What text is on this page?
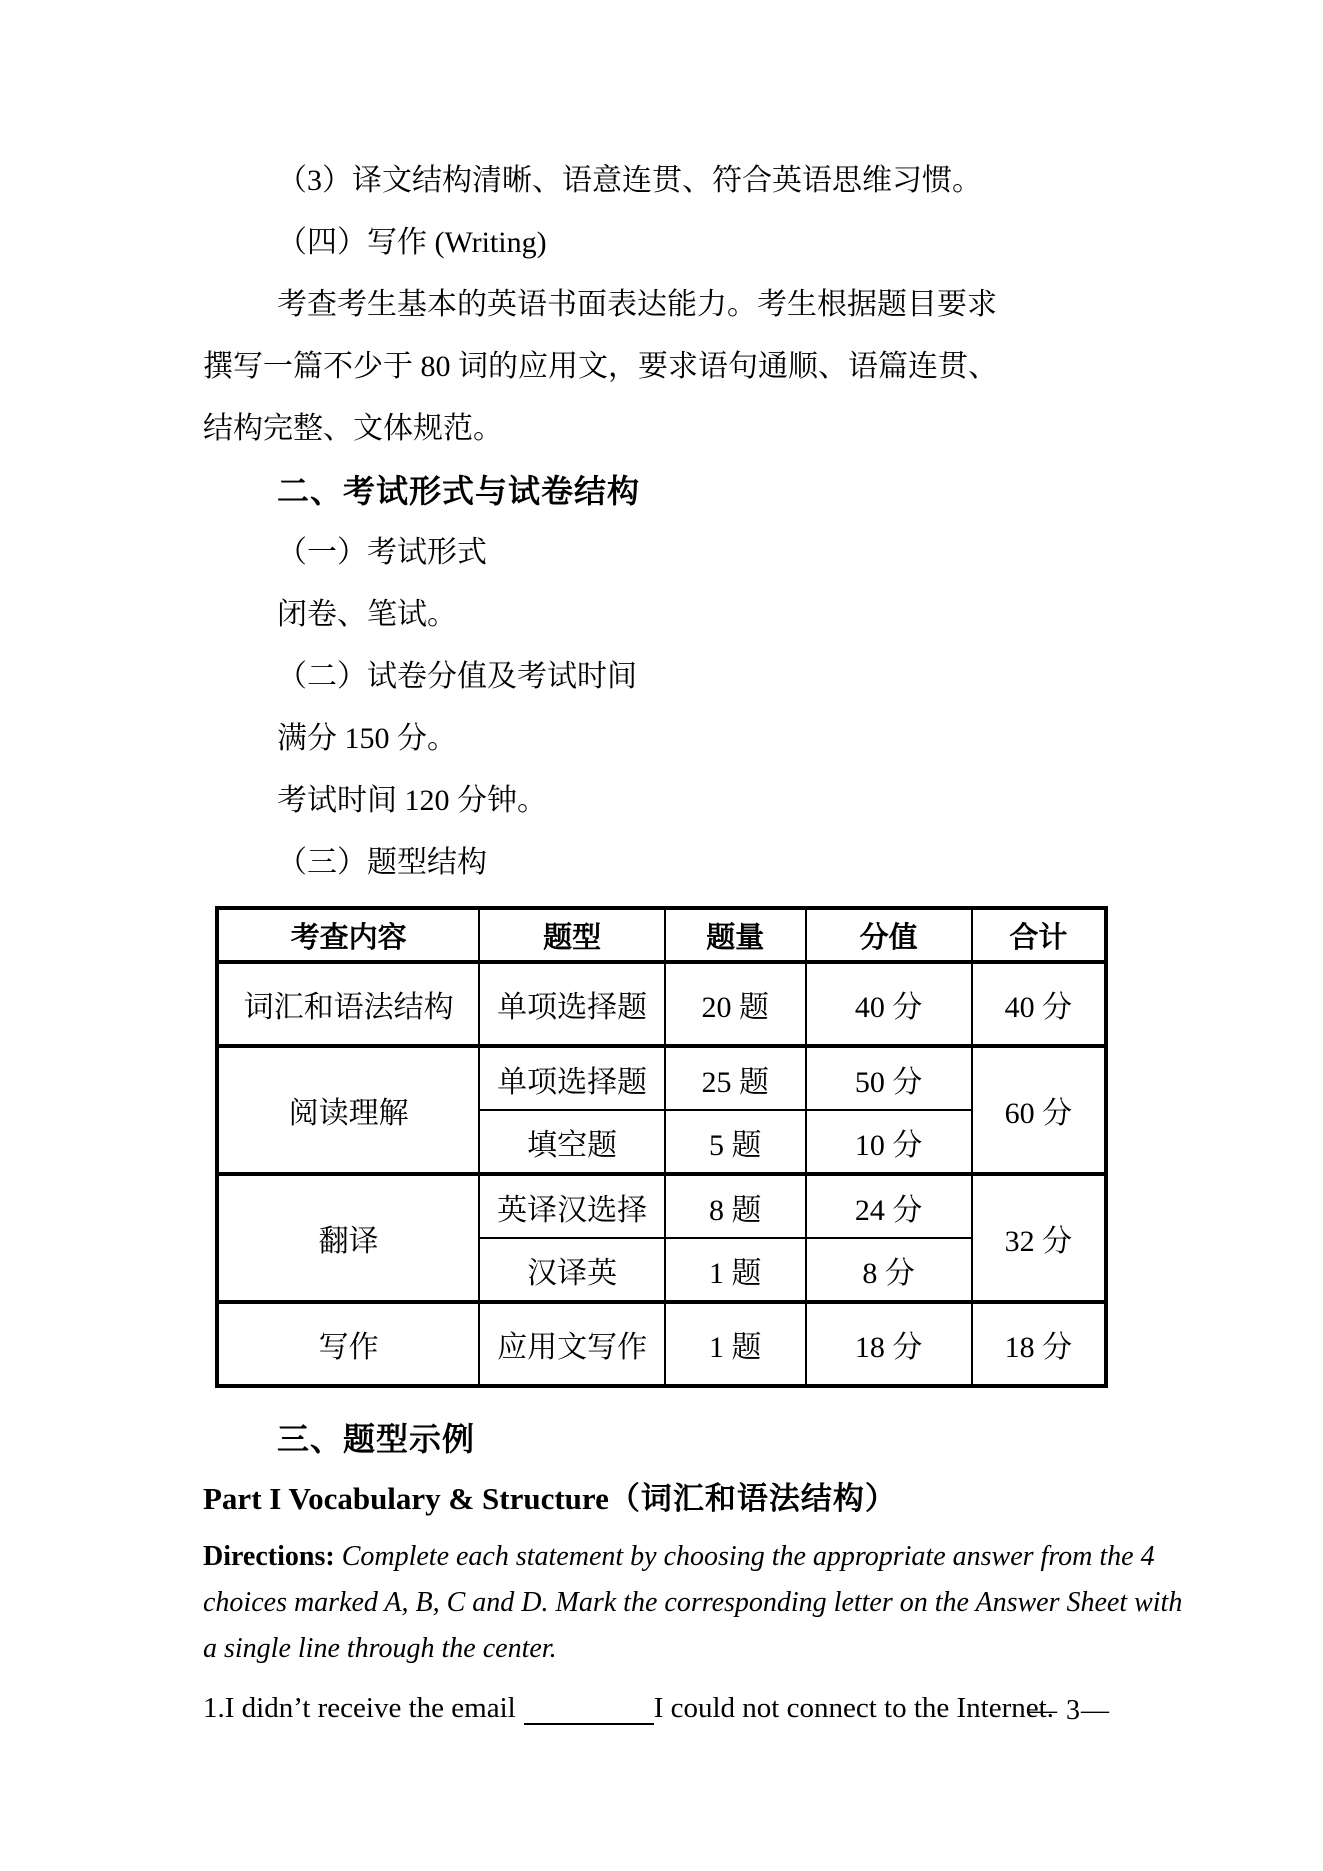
（3）译文结构清晰、语意连贯、符合英语思维习惯。
（四）写作 (Writing)
考查考生基本的英语书面表达能力。考生根据题目要求
撰写一篇不少于 80 词的应用文，要求语句通顺、语篇连贯、
结构完整、文体规范。
二、考试形式与试卷结构
（一）考试形式
闭卷、笔试。
（二）试卷分值及考试时间
满分 150 分。
考试时间 120 分钟。
（三）题型结构
考查内容	题型	题量	分值	合计
词汇和语法结构	单项选择题	20 题	40 分	40 分
阅读理解	单项选择题	25 题	50 分	60 分
	填空题	5 题	10 分	
翻译	英译汉选择	8 题	24 分	32 分
	汉译英	1 题	8 分	
写作	应用文写作	1 题	18 分	18 分
三、题型示例
Part I Vocabulary & Structure（词汇和语法结构）
Directions: Complete each statement by choosing the appropriate answer from the 4
choices marked A, B, C and D. Mark the corresponding letter on the Answer Sheet with
a single line through the center.
1.I didn’t receive the email	I could not connect to the Internet.
— 3—
